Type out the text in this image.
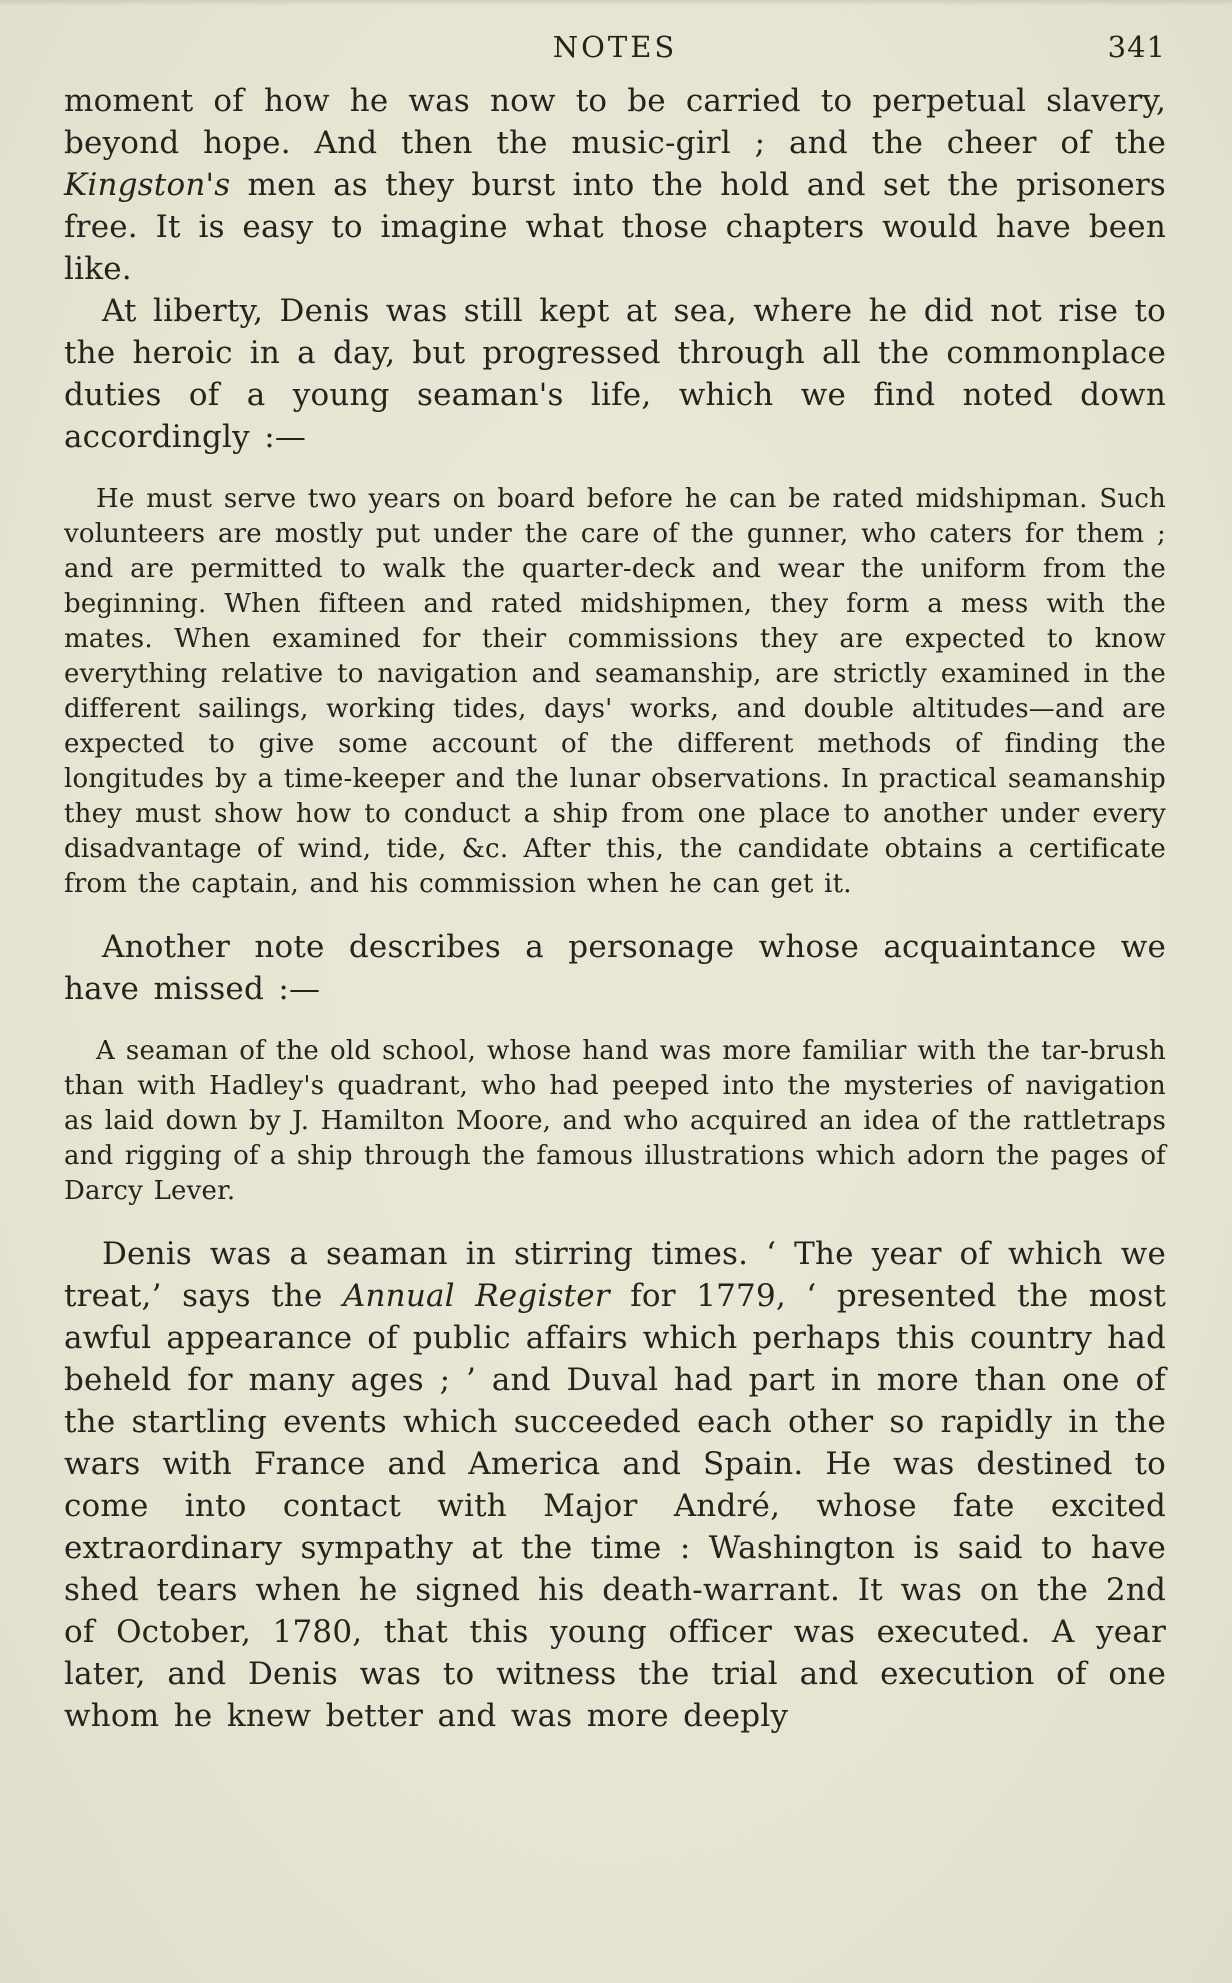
NOTES	341

moment of how he was now to be carried to perpetual slavery, beyond hope. And then the music-girl ; and the cheer of the Kingston's men as they burst into the hold and set the prisoners free. It is easy to imagine what those chapters would have been like.

At liberty, Denis was still kept at sea, where he did not rise to the heroic in a day, but progressed through all the commonplace duties of a young seaman's life, which we find noted down accordingly :—

He must serve two years on board before he can be rated midshipman. Such volunteers are mostly put under the care of the gunner, who caters for them ; and are permitted to walk the quarter-deck and wear the uniform from the beginning. When fifteen and rated midshipmen, they form a mess with the mates. When examined for their commissions they are expected to know everything relative to navigation and seamanship, are strictly examined in the different sailings, working tides, days' works, and double altitudes—and are expected to give some account of the different methods of finding the longitudes by a time-keeper and the lunar observations. In practical seamanship they must show how to conduct a ship from one place to another under every disadvantage of wind, tide, &c. After this, the candidate obtains a certificate from the captain, and his commission when he can get it.

Another note describes a personage whose acquaintance we have missed :—

A seaman of the old school, whose hand was more familiar with the tar-brush than with Hadley's quadrant, who had peeped into the mysteries of navigation as laid down by J. Hamilton Moore, and who acquired an idea of the rattletraps and rigging of a ship through the famous illustrations which adorn the pages of Darcy Lever.

Denis was a seaman in stirring times. ‘ The year of which we treat,’ says the Annual Register for 1779, ‘ presented the most awful appearance of public affairs which perhaps this country had beheld for many ages ; ’ and Duval had part in more than one of the startling events which succeeded each other so rapidly in the wars with France and America and Spain. He was destined to come into contact with Major André, whose fate excited extraordinary sympathy at the time : Washington is said to have shed tears when he signed his death-warrant. It was on the 2nd of October, 1780, that this young officer was executed. A year later, and Denis was to witness the trial and execution of one whom he knew better and was more deeply
